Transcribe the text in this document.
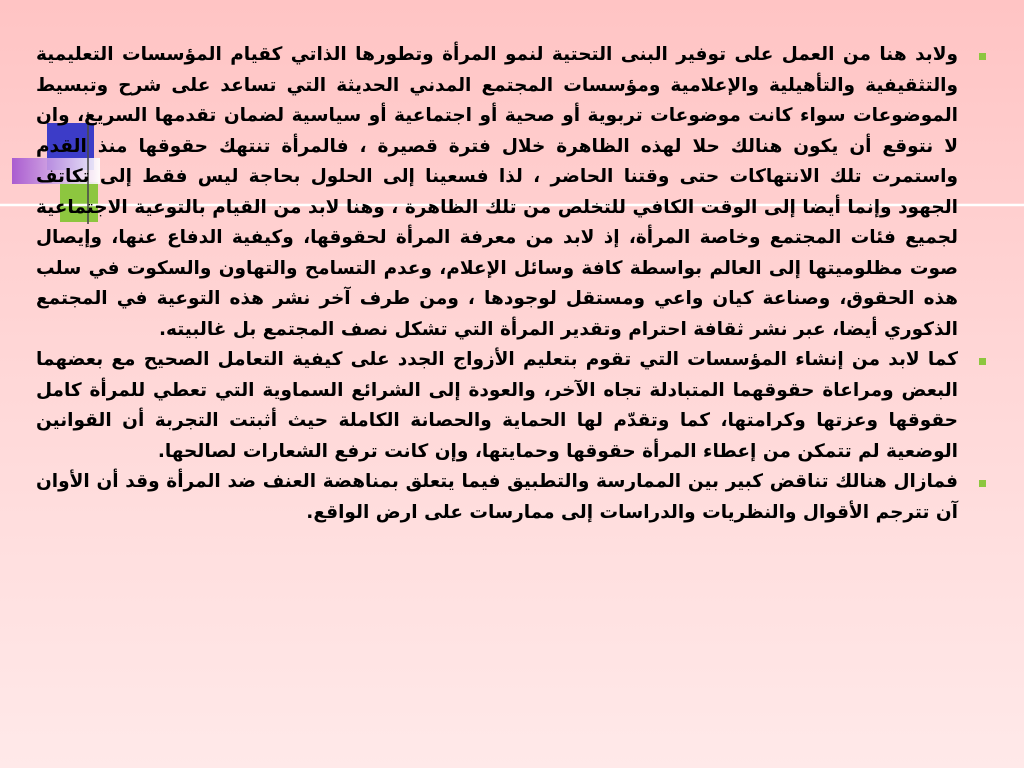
ولابد هنا من العمل على توفير البنى التحتية لنمو المرأة وتطورها الذاتي كقيام المؤسسات التعليمية والتثقيفية والتأهيلية والإعلامية ومؤسسات المجتمع المدني الحديثة التي تساعد على شرح وتبسيط الموضوعات سواء كانت موضوعات تربوية أو صحية أو اجتماعية أو سياسية لضمان تقدمها السريع، وان لا نتوقع أن يكون هنالك حلا لهذه الظاهرة خلال فترة قصيرة ، فالمرأة تنتهك حقوقها منذ القدم واستمرت تلك الانتهاكات حتى وقتنا الحاضر ، لذا فسعينا إلى الحلول بحاجة ليس فقط إلى تكاتف الجهود وإنما أيضا إلى الوقت الكافي للتخلص من تلك الظاهرة ، وهنا لابد من القيام بالتوعية الاجتماعية لجميع فئات المجتمع وخاصة المرأة، إذ لابد من معرفة المرأة لحقوقها، وكيفية الدفاع عنها، وإيصال صوت مظلوميتها إلى العالم بواسطة كافة وسائل الإعلام، وعدم التسامح والتهاون والسكوت في سلب هذه الحقوق، وصناعة كيان واعي ومستقل لوجودها ، ومن طرف آخر نشر هذه التوعية في المجتمع الذكوري أيضا، عبر نشر ثقافة احترام وتقدير المرأة التي تشكل نصف المجتمع بل غالبيته.

كما لابد من إنشاء المؤسسات التي تقوم بتعليم الأزواج الجدد على كيفية التعامل الصحيح مع بعضهما البعض ومراعاة حقوقهما المتبادلة تجاه الآخر، والعودة إلى الشرائع السماوية التي تعطي للمرأة كامل حقوقها وعزتها وكرامتها، كما وتقدّم لها الحماية والحصانة الكاملة حيث أثبتت التجربة أن القوانين الوضعية لم تتمكن من إعطاء المرأة حقوقها وحمايتها، وإن كانت ترفع الشعارات لصالحها.

فمازال هنالك تناقض كبير بين الممارسة والتطبيق فيما يتعلق بمناهضة العنف ضد المرأة وقد أن الأوان آن تترجم الأقوال والنظريات والدراسات إلى ممارسات على ارض الواقع.
